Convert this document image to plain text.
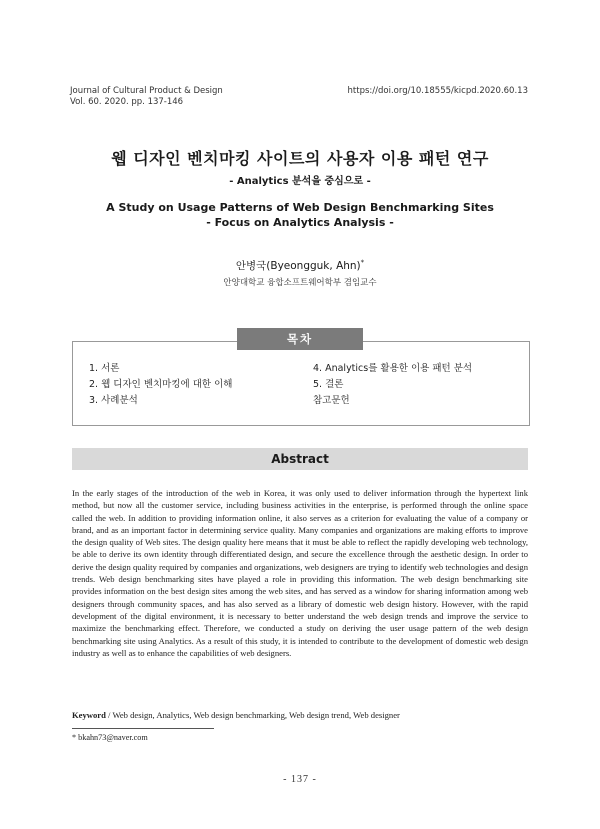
Journal of Cultural Product & Design
Vol. 60. 2020. pp. 137-146
https://doi.org/10.18555/kicpd.2020.60.13
웹 디자인 벤치마킹 사이트의 사용자 이용 패턴 연구
- Analytics 분석을 중심으로 -
A Study on Usage Patterns of Web Design Benchmarking Sites
- Focus on Analytics Analysis -
안병국(Byeongguk, Ahn)*
안양대학교 융합소프트웨어학부 겸임교수
목차
1. 서론
2. 웹 디자인 벤치마킹에 대한 이해
3. 사례분석
4. Analytics를 활용한 이용 패턴 분석
5. 결론
참고문헌
Abstract
In the early stages of the introduction of the web in Korea, it was only used to deliver information through the hypertext link method, but now all the customer service, including business activities in the enterprise, is performed through the online space called the web. In addition to providing information online, it also serves as a criterion for evaluating the value of a company or brand, and as an important factor in determining service quality. Many companies and organizations are making efforts to improve the design quality of Web sites. The design quality here means that it must be able to reflect the rapidly developing web technology, be able to derive its own identity through differentiated design, and secure the excellence through the aesthetic design. In order to derive the design quality required by companies and organizations, web designers are trying to identify web technologies and design trends. Web design benchmarking sites have played a role in providing this information. The web design benchmarking site provides information on the best design sites among the web sites, and has served as a window for sharing information among web designers through community spaces, and has also served as a library of domestic web design history. However, with the rapid development of the digital environment, it is necessary to better understand the web design trends and improve the service to maximize the benchmarking effect. Therefore, we conducted a study on deriving the user usage pattern of the web design benchmarking site using Analytics. As a result of this study, it is intended to contribute to the development of domestic web design industry as well as to enhance the capabilities of web designers.
Keyword / Web design, Analytics, Web design benchmarking, Web design trend, Web designer
* bkahn73@naver.com
- 137 -
